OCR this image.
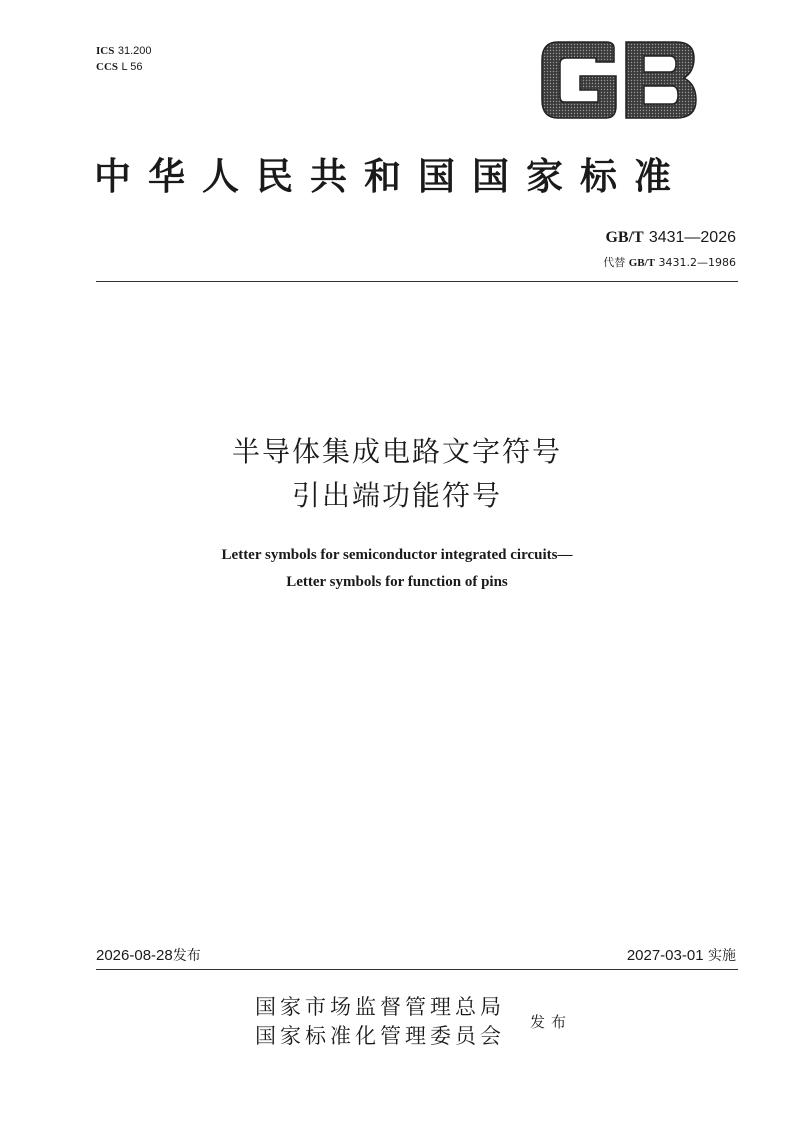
ICS 31.200
CCS L 56
中华人民共和国国家标准
GB/T 3431—2026
代替 GB/T 3431.2—1986
半导体集成电路文字符号
引出端功能符号
Letter symbols for semiconductor integrated circuits—
Letter symbols for function of pins
2026-08-28发布	2027-03-01 实施
国家市场监督管理总局
国家标准化管理委员会
发布
